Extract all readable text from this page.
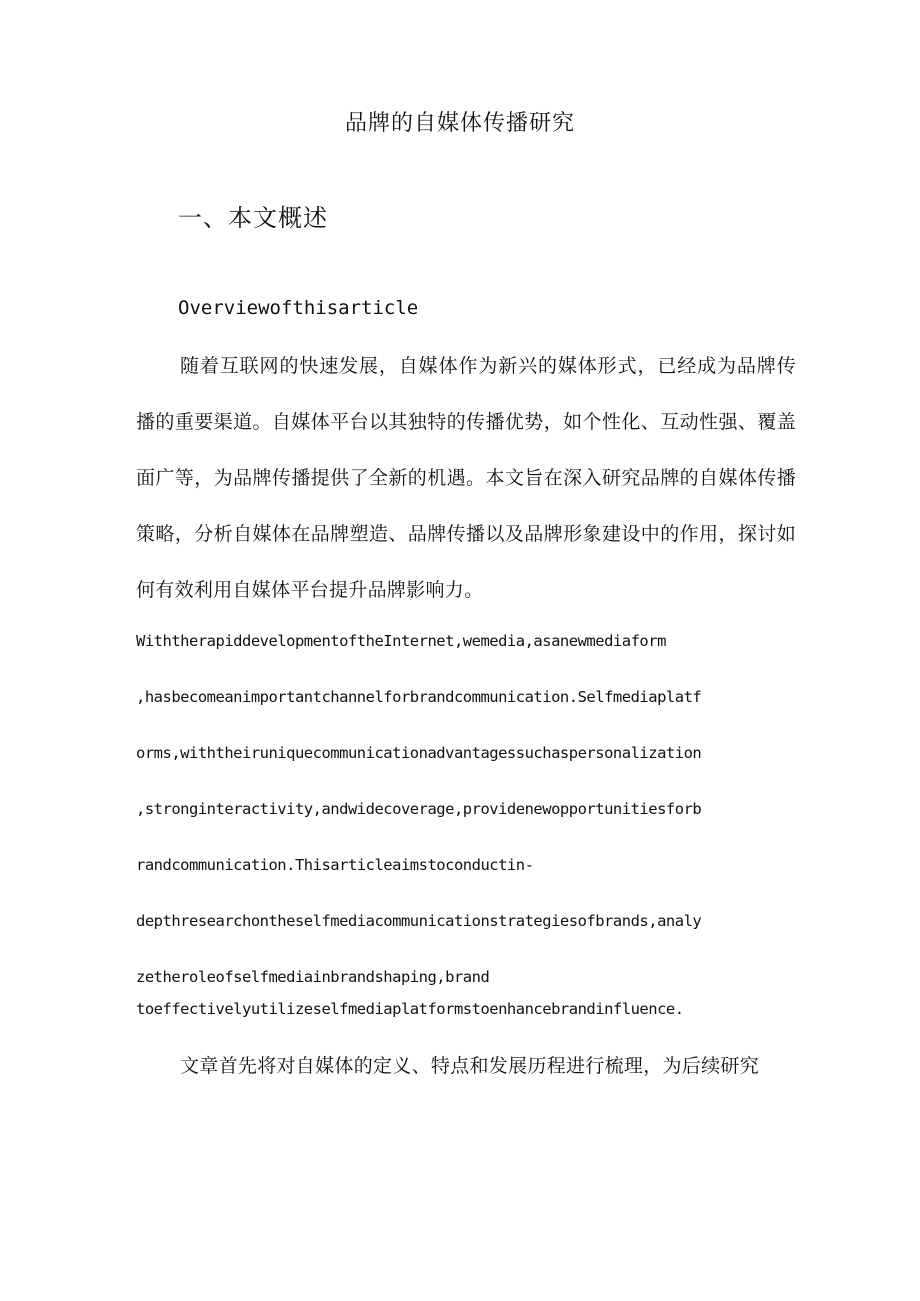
品牌的自媒体传播研究
一、本文概述
Overviewofthisarticle
随着互联网的快速发展，自媒体作为新兴的媒体形式，已经成为品牌传播的重要渠道。自媒体平台以其独特的传播优势，如个性化、互动性强、覆盖面广等，为品牌传播提供了全新的机遇。本文旨在深入研究品牌的自媒体传播策略，分析自媒体在品牌塑造、品牌传播以及品牌形象建设中的作用，探讨如何有效利用自媒体平台提升品牌影响力。
WiththerapiddevelopmentoftheInternet,wemedia,asanewmediaform
,hasbecomeanimportantchannelforbrandcommunication.Selfmediaplatf
orms,withtheiruniquecommunicationadvantagessuchaspersonalization
,stronginteractivity,andwidecoverage,providenewopportunitiesforb
randcommunication.Thisarticleaimstoconductin-
depthresearchontheselfmediacommunicationstrategiesofbrands,analy
zetheroleofselfmediainbrandshaping,brand
toeffectivelyutilizeselfmediaplatformstoenhancebrandinfluence.
文章首先将对自媒体的定义、特点和发展历程进行梳理，为后续研究
